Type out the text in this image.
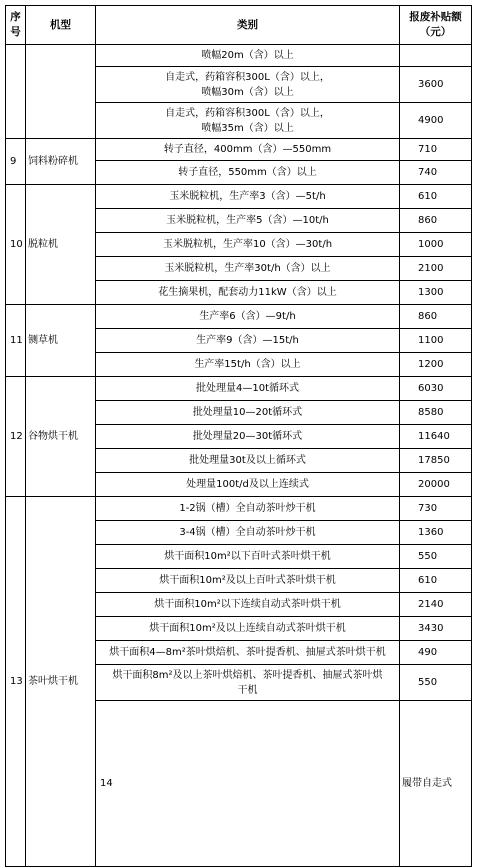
序号	机型	类别	报废补贴额（元）	
		喷幅20m（含）以上		
		自走式，药箱容积300L（含）以上，
喷幅30m（含）以上	3600	
		自走式，药箱容积300L（含）以上，
喷幅35m（含）以上	4900	
9	饲料粉碎机	转子直径，400mm（含）—550mm	710	
		转子直径，550mm（含）以上	740	
10	脱粒机	玉米脱粒机，生产率3（含）—5t/h	610	
		玉米脱粒机，生产率5（含）—10t/h	860	
		玉米脱粒机，生产率10（含）—30t/h	1000	
		玉米脱粒机，生产率30t/h（含）以上	2100	
		花生摘果机，配套动力11kW（含）以上	1300	
11	铡草机	生产率6（含）—9t/h	860	
		生产率9（含）—15t/h	1100	
		生产率15t/h（含）以上	1200	
12	谷物烘干机	批处理量4—10t循环式	6030	
		批处理量10—20t循环式	8580	
		批处理量20—30t循环式	11640	
		批处理量30t及以上循环式	17850	
		处理量100t/d及以上连续式	20000	
13	茶叶烘干机	1-2锅（槽）全自动茶叶炒干机	730	
		3-4锅（槽）全自动茶叶炒干机	1360	
		烘干面积10m²以下百叶式茶叶烘干机	550	
		烘干面积10m²及以上百叶式茶叶烘干机	610	
		烘干面积10m²以下连续自动式茶叶烘干机	2140	
		烘干面积10m²及以上连续自动式茶叶烘干机	3430	
		烘干面积4—8m²茶叶烘焙机、茶叶提香机、抽屉式茶叶烘干机	490	
		烘干面积8m²及以上茶叶烘焙机、茶叶提香机、抽屉式茶叶烘
干机	550	
		14	履带自走式		
